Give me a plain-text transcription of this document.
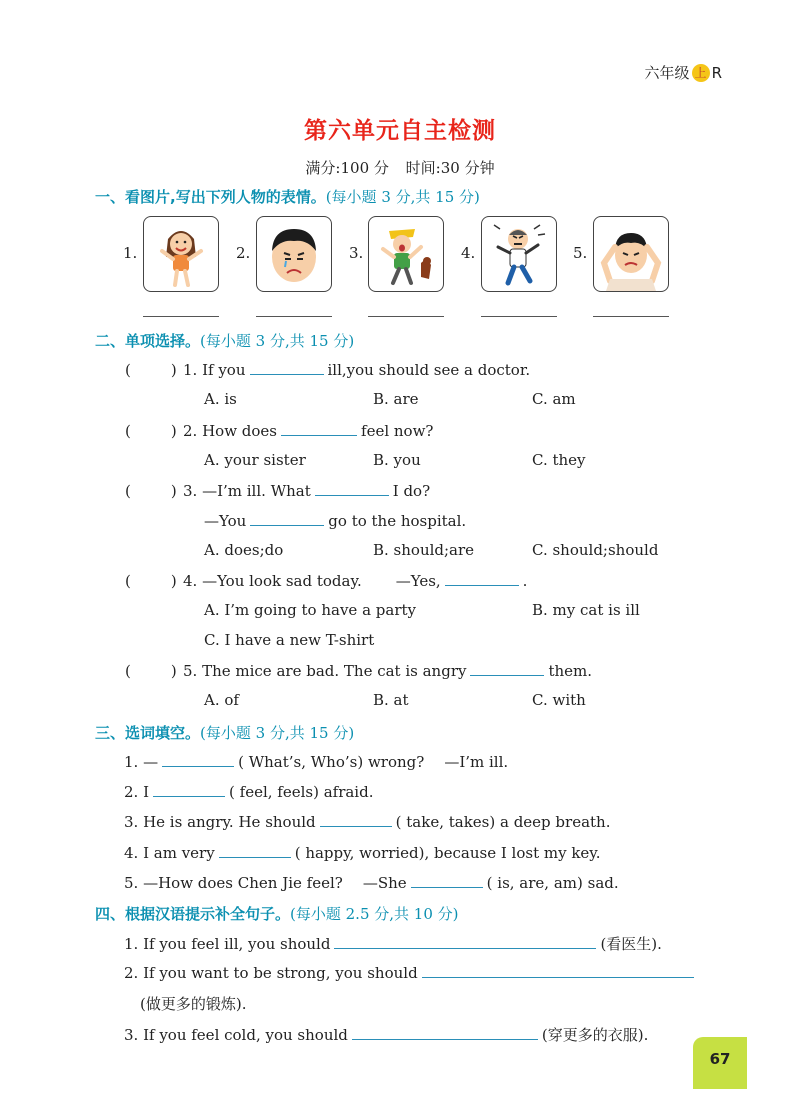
六年级 上 R
第六单元自主检测
满分:100 分 时间:30 分钟
一、看图片,写出下列人物的表情。(每小题 3 分,共 15 分)
1.	2.	3.	4.	5.
二、单项选择。(每小题 3 分,共 15 分)
(	) 1. If you	ill,you should see a doctor.
A. is	B. are	C. am
(	) 2. How does	feel now?
A. your sister	B. you	C. they
(	) 3. —I’m ill. What	I do?
—You	go to the hospital.
A. does;do	B. should;are	C. should;should
(	) 4. —You look sad today. —Yes,	.
A. I’m going to have a party	B. my cat is ill
C. I have a new T-shirt
(	) 5. The mice are bad. The cat is angry	them.
A. of	B. at	C. with
三、选词填空。(每小题 3 分,共 15 分)
1. —	( What’s, Who’s) wrong? —I’m ill.
2. I	( feel, feels) afraid.
3. He is angry. He should	( take, takes) a deep breath.
4. I am very	( happy, worried), because I lost my key.
5. —How does Chen Jie feel? —She	( is, are, am) sad.
四、根据汉语提示补全句子。(每小题 2.5 分,共 10 分)
1. If you feel ill, you should	(看医生).
2. If you want to be strong, you should
(做更多的锻炼).
3. If you feel cold, you should	(穿更多的衣服).
67
